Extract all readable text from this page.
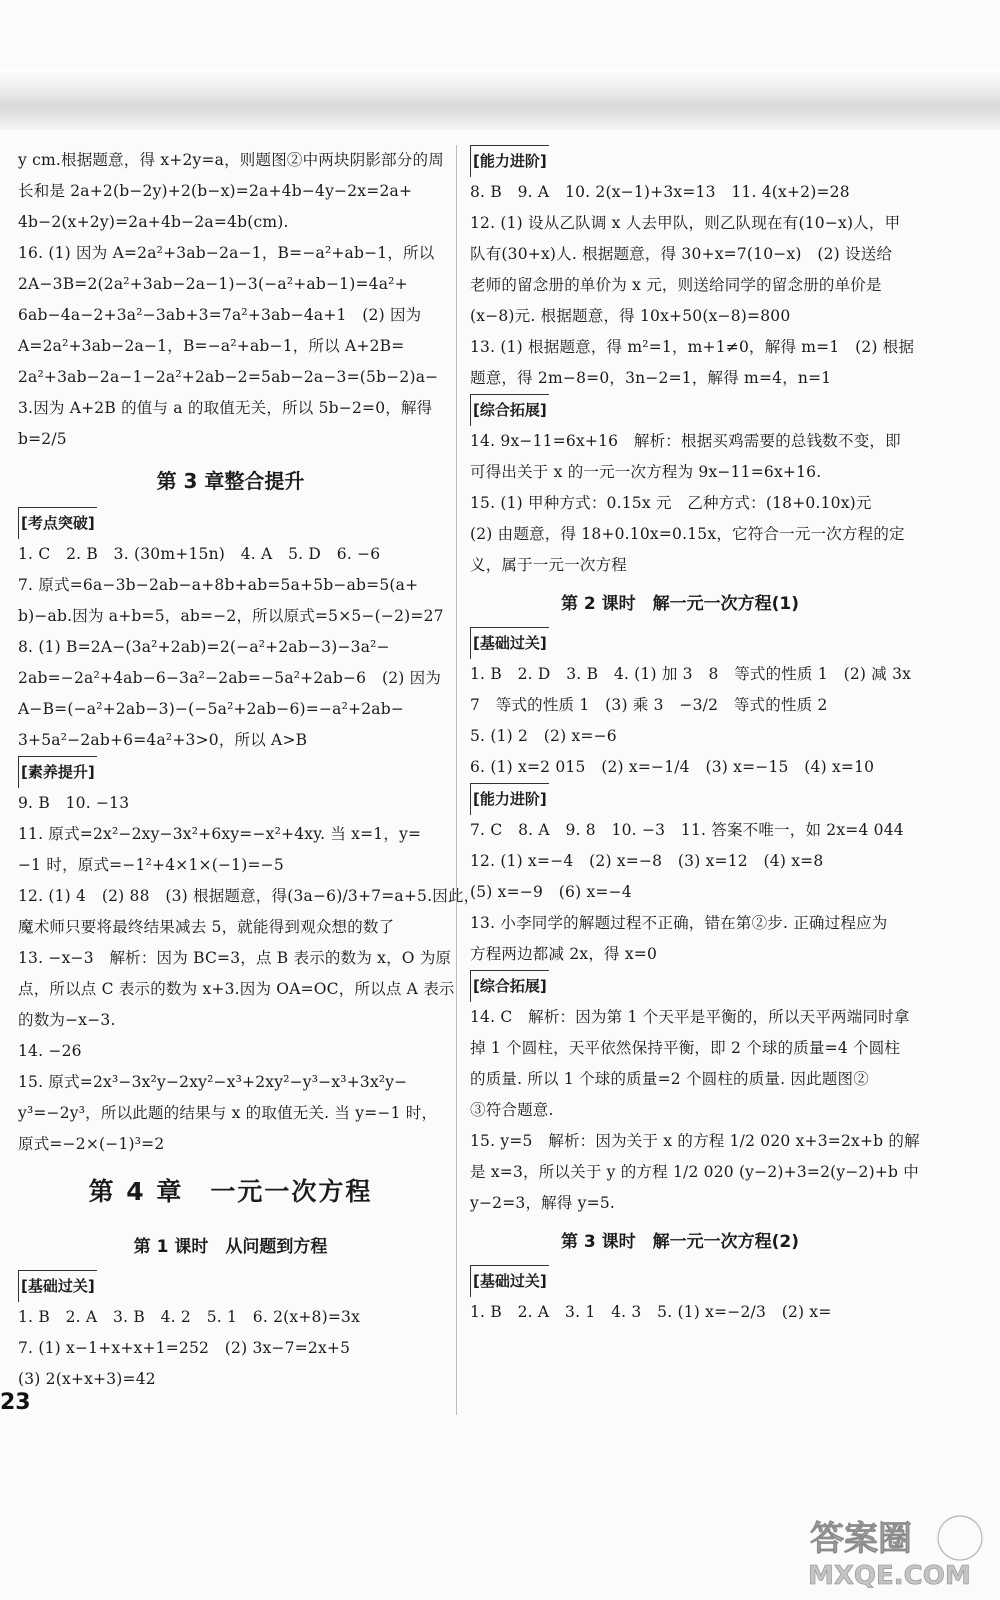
y cm.根据题意，得 x+2y=a，则题图②中两块阴影部分的周

长和是 2a+2(b−2y)+2(b−x)=2a+4b−4y−2x=2a+

4b−2(x+2y)=2a+4b−2a=4b(cm).

16. (1) 因为 A=2a²+3ab−2a−1，B=−a²+ab−1，所以

2A−3B=2(2a²+3ab−2a−1)−3(−a²+ab−1)=4a²+

6ab−4a−2+3a²−3ab+3=7a²+3ab−4a+1　(2) 因为

A=2a²+3ab−2a−1，B=−a²+ab−1，所以 A+2B=

2a²+3ab−2a−1−2a²+2ab−2=5ab−2a−3=(5b−2)a−

3.因为 A+2B 的值与 a 的取值无关，所以 5b−2=0，解得

b=2/5

第 3 章整合提升
[考点突破]

1. C　2. B　3. (30m+15n)　4. A　5. D　6. −6

7. 原式=6a−3b−2ab−a+8b+ab=5a+5b−ab=5(a+

b)−ab.因为 a+b=5，ab=−2，所以原式=5×5−(−2)=27

8. (1) B=2A−(3a²+2ab)=2(−a²+2ab−3)−3a²−

2ab=−2a²+4ab−6−3a²−2ab=−5a²+2ab−6　(2) 因为

A−B=(−a²+2ab−3)−(−5a²+2ab−6)=−a²+2ab−

3+5a²−2ab+6=4a²+3>0，所以 A>B

[素养提升]

9. B　10. −13

11. 原式=2x²−2xy−3x²+6xy=−x²+4xy. 当 x=1，y=

−1 时，原式=−1²+4×1×(−1)=−5

12. (1) 4　(2) 88　(3) 根据题意，得(3a−6)/3+7=a+5.因此，

魔术师只要将最终结果减去 5，就能得到观众想的数了

13. −x−3　解析：因为 BC=3，点 B 表示的数为 x，O 为原

点，所以点 C 表示的数为 x+3.因为 OA=OC，所以点 A 表示

的数为−x−3.

14. −26

15. 原式=2x³−3x²y−2xy²−x³+2xy²−y³−x³+3x²y−

y³=−2y³，所以此题的结果与 x 的取值无关. 当 y=−1 时，

原式=−2×(−1)³=2

第 4 章　一元一次方程
第 1 课时　从问题到方程
[基础过关]

1. B　2. A　3. B　4. 2　5. 1　6. 2(x+8)=3x

7. (1) x−1+x+x+1=252　(2) 3x−7=2x+5

(3) 2(x+x+3)=42

[能力进阶]

8. B　9. A　10. 2(x−1)+3x=13　11. 4(x+2)=28

12. (1) 设从乙队调 x 人去甲队，则乙队现在有(10−x)人，甲

队有(30+x)人. 根据题意，得 30+x=7(10−x)　(2) 设送给

老师的留念册的单价为 x 元，则送给同学的留念册的单价是

(x−8)元. 根据题意，得 10x+50(x−8)=800

13. (1) 根据题意，得 m²=1，m+1≠0，解得 m=1　(2) 根据

题意，得 2m−8=0，3n−2=1，解得 m=4，n=1

[综合拓展]

14. 9x−11=6x+16　解析：根据买鸡需要的总钱数不变，即

可得出关于 x 的一元一次方程为 9x−11=6x+16.

15. (1) 甲种方式：0.15x 元　乙种方式：(18+0.10x)元

(2) 由题意，得 18+0.10x=0.15x，它符合一元一次方程的定

义，属于一元一次方程

第 2 课时　解一元一次方程(1)
[基础过关]

1. B　2. D　3. B　4. (1) 加 3　8　等式的性质 1　(2) 减 3x

7　等式的性质 1　(3) 乘 3　−3/2　等式的性质 2

5. (1) 2　(2) x=−6

6. (1) x=2 015　(2) x=−1/4　(3) x=−15　(4) x=10

[能力进阶]

7. C　8. A　9. 8　10. −3　11. 答案不唯一，如 2x=4 044

12. (1) x=−4　(2) x=−8　(3) x=12　(4) x=8

(5) x=−9　(6) x=−4

13. 小李同学的解题过程不正确，错在第②步. 正确过程应为

方程两边都减 2x，得 x=0

[综合拓展]

14. C　解析：因为第 1 个天平是平衡的，所以天平两端同时拿

掉 1 个圆柱，天平依然保持平衡，即 2 个球的质量=4 个圆柱

的质量. 所以 1 个球的质量=2 个圆柱的质量. 因此题图②

③符合题意.

15. y=5　解析：因为关于 x 的方程 1/2 020 x+3=2x+b 的解

是 x=3，所以关于 y 的方程 1/2 020 (y−2)+3=2(y−2)+b 中

y−2=3，解得 y=5.

第 3 课时　解一元一次方程(2)
[基础过关]

1. B　2. A　3. 1　4. 3　5. (1) x=−2/3　(2) x=

23
答案圈
MXQE.COM
